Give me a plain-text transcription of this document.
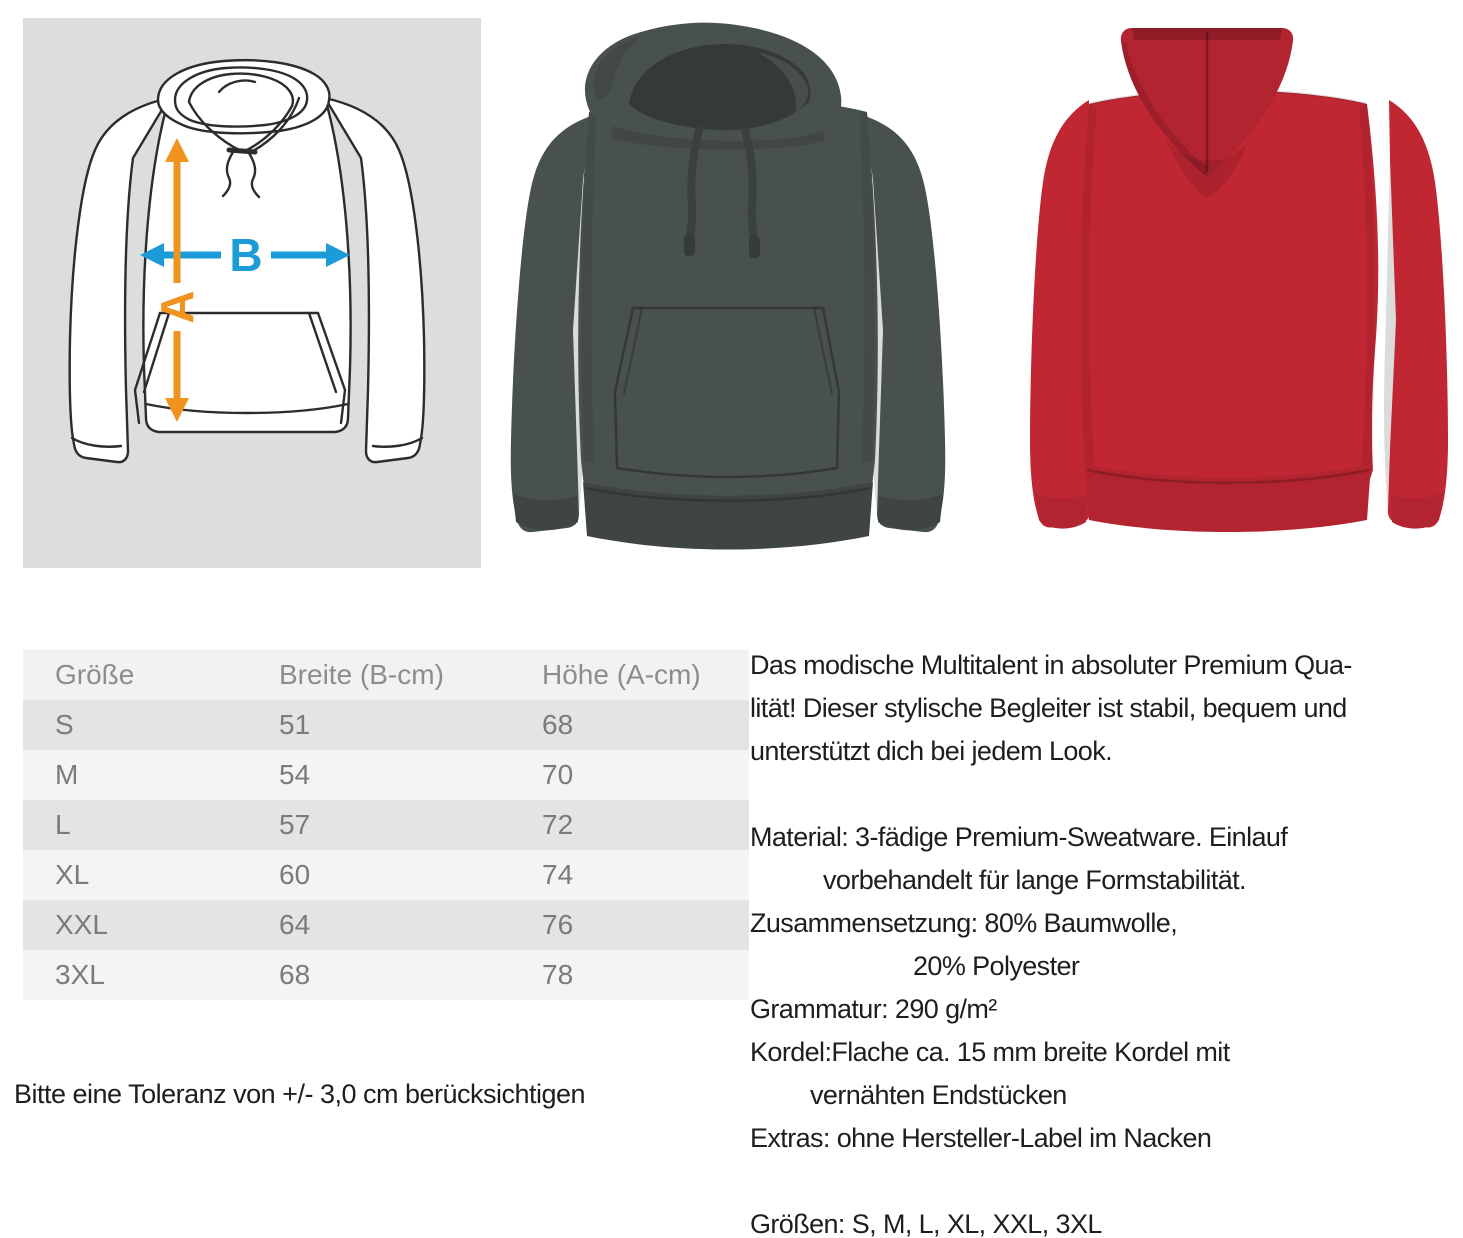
B
A
Größe	Breite (B-cm)	Höhe (A-cm)
S	51	68
M	54	70
L	57	72
XL	60	74
XXL	64	76
3XL	68	78

Bitte eine Toleranz von +/- 3,0 cm berücksichtigen

Das modische Multitalent in absoluter Premium Qua-
lität! Dieser stylische Begleiter ist stabil, bequem und
unterstützt dich bei jedem Look.

Material: 3-fädige Premium-Sweatware. Einlauf
vorbehandelt für lange Formstabilität.
Zusammensetzung: 80% Baumwolle,
20% Polyester
Grammatur: 290 g/m²
Kordel:Flache ca. 15 mm breite Kordel mit
vernähten Endstücken
Extras: ohne Hersteller-Label im Nacken

Größen: S, M, L, XL, XXL, 3XL
